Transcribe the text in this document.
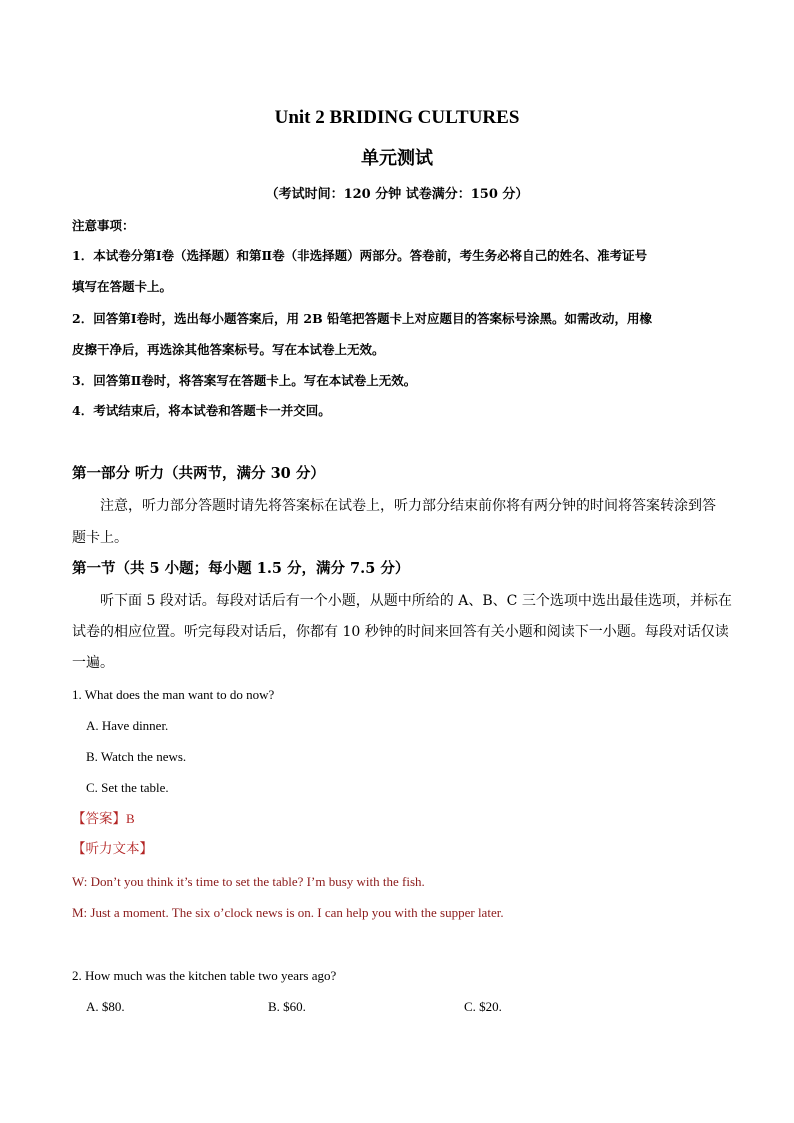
Unit 2 BRIDING CULTURES
单元测试
（考试时间：120 分钟 试卷满分：150 分）
注意事项：
1．本试卷分第Ⅰ卷（选择题）和第Ⅱ卷（非选择题）两部分。答卷前，考生务必将自己的姓名、准考证号
填写在答题卡上。
2．回答第Ⅰ卷时，选出每小题答案后，用 2B 铅笔把答题卡上对应题目的答案标号涂黑。如需改动，用橡
皮擦干净后，再选涂其他答案标号。写在本试卷上无效。
3．回答第Ⅱ卷时，将答案写在答题卡上。写在本试卷上无效。
4．考试结束后，将本试卷和答题卡一并交回。
第一部分 听力（共两节，满分 30 分）
注意，听力部分答题时请先将答案标在试卷上，听力部分结束前你将有两分钟的时间将答案转涂到答
题卡上。
第一节（共 5 小题；每小题 1.5 分，满分 7.5 分）
听下面 5 段对话。每段对话后有一个小题，从题中所给的 A、B、C 三个选项中选出最佳选项，并标在
试卷的相应位置。听完每段对话后，你都有 10 秒钟的时间来回答有关小题和阅读下一小题。每段对话仅读
一遍。
1. What does the man want to do now?
A. Have dinner.
B. Watch the news.
C. Set the table.
【答案】B
【听力文本】
W: Don’t you think it’s time to set the table? I’m busy with the fish.
M: Just a moment. The six o’clock news is on. I can help you with the supper later.
2. How much was the kitchen table two years ago?
A. $80.	B. $60.	C. $20.
